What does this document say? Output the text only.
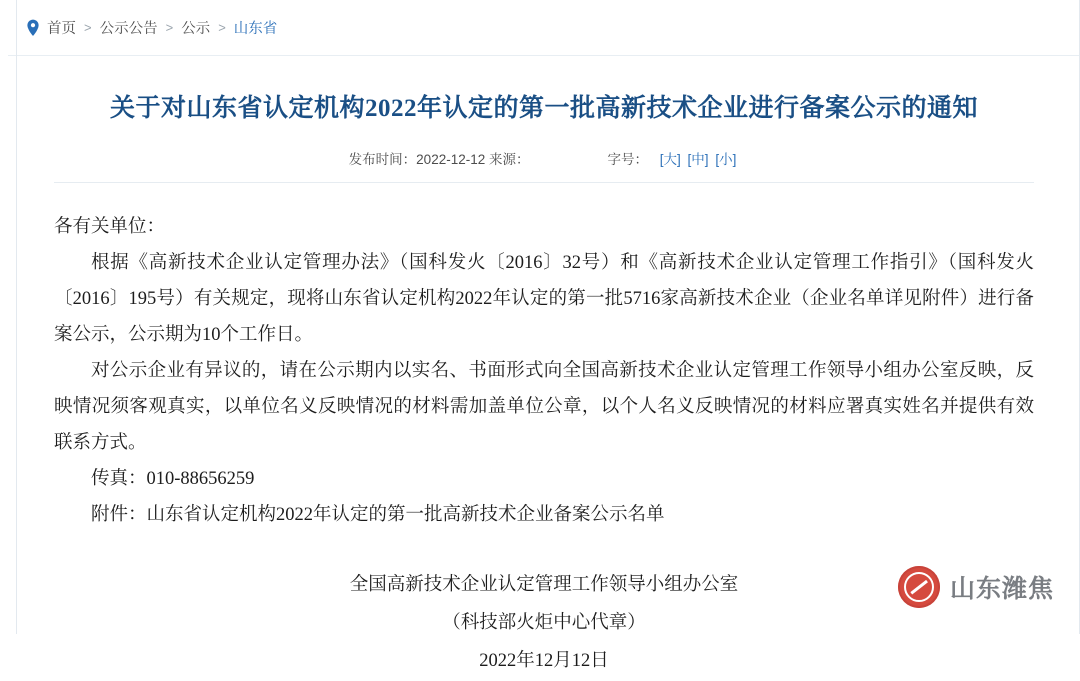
首页 > 公示公告 > 公示 > 山东省
关于对山东省认定机构2022年认定的第一批高新技术企业进行备案公示的通知
发布时间：2022-12-12 来源：	字号： [大] [中] [小]

各有关单位：

根据《高新技术企业认定管理办法》（国科发火〔2016〕32号）和《高新技术企业认定管理工作指引》（国科发火〔2016〕195号）有关规定，现将山东省认定机构2022年认定的第一批5716家高新技术企业（企业名单详见附件）进行备案公示，公示期为10个工作日。

对公示企业有异议的，请在公示期内以实名、书面形式向全国高新技术企业认定管理工作领导小组办公室反映，反映情况须客观真实，以单位名义反映情况的材料需加盖单位公章，以个人名义反映情况的材料应署真实姓名并提供有效联系方式。

传真：010-88656259

附件：山东省认定机构2022年认定的第一批高新技术企业备案公示名单

全国高新技术企业认定管理工作领导小组办公室
（科技部火炬中心代章）
2022年12月12日
山东潍焦
